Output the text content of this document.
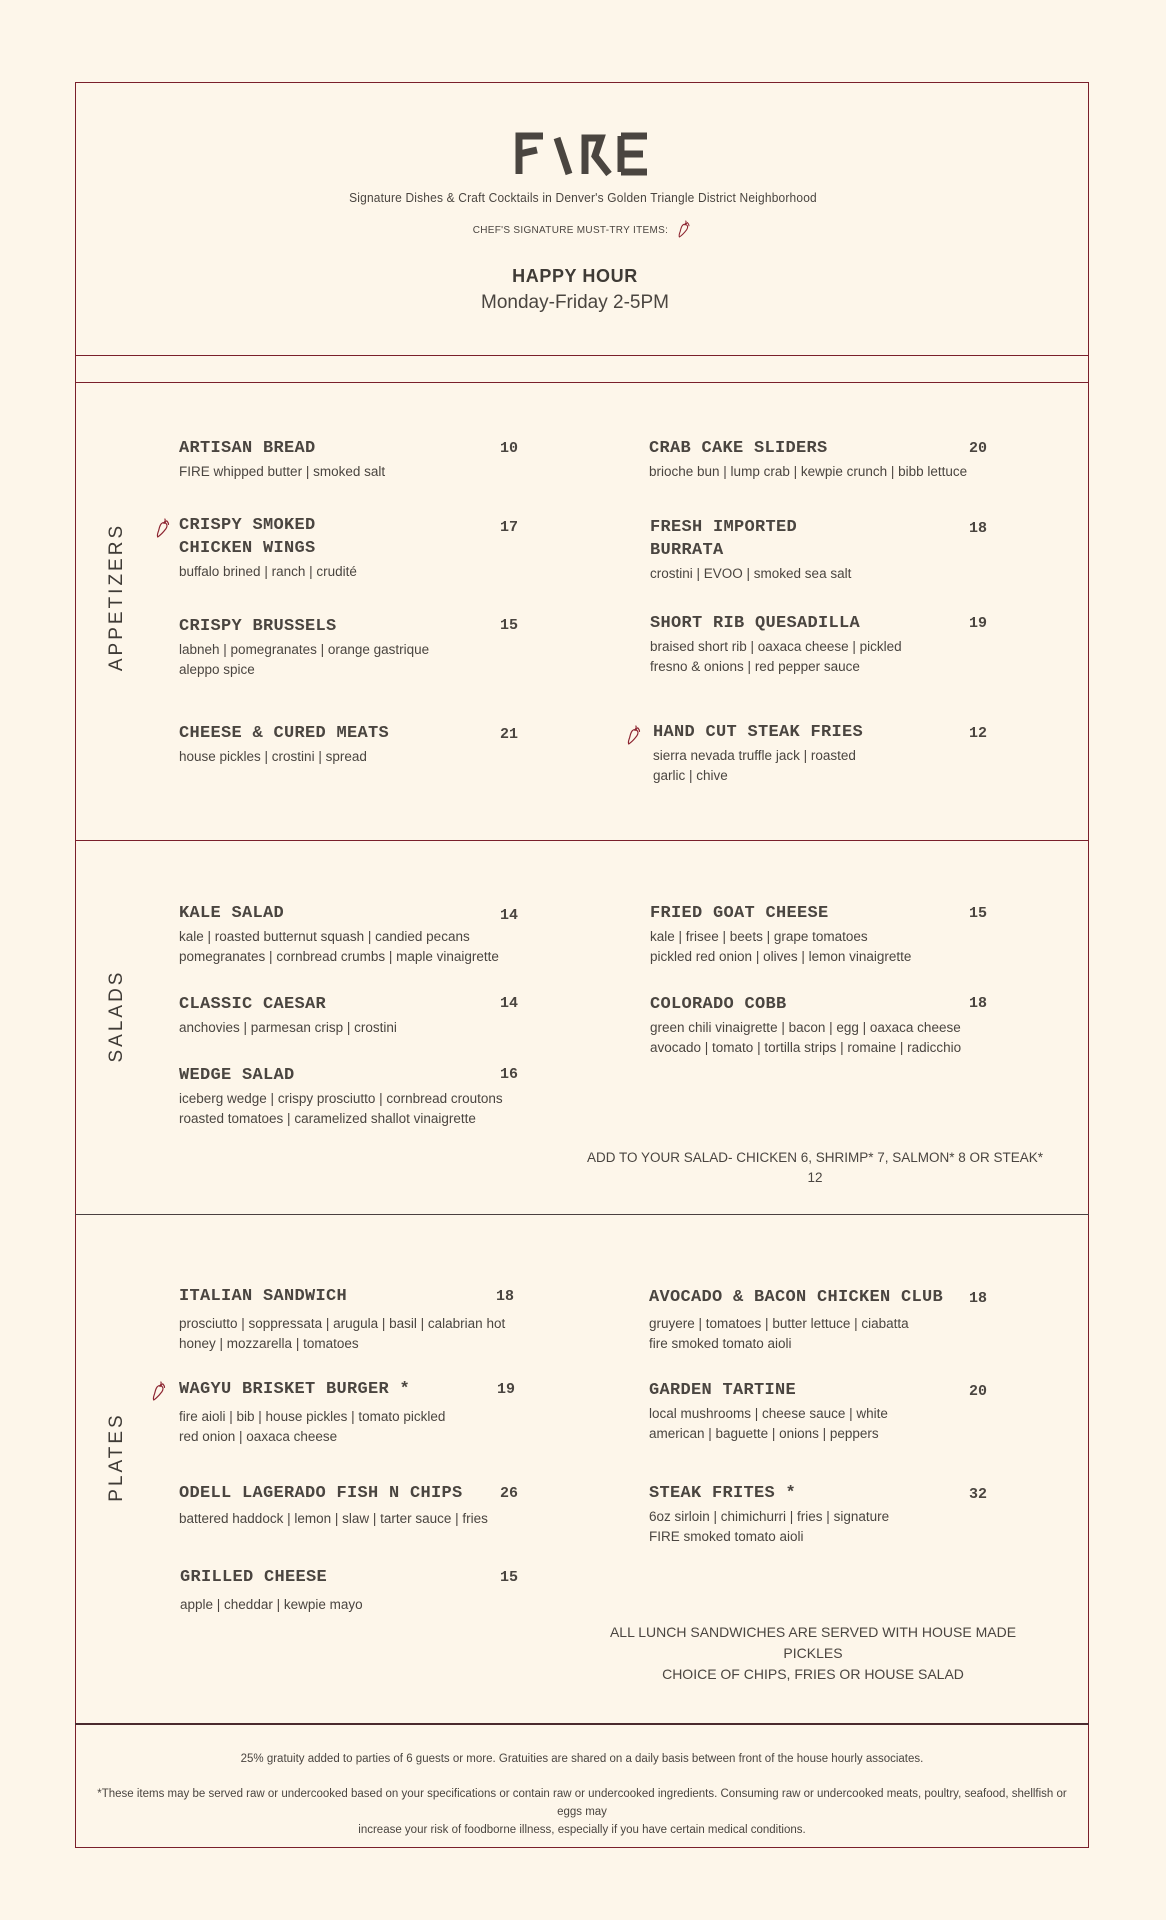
Signature Dishes & Craft Cocktails in Denver's Golden Triangle District Neighborhood
CHEF'S SIGNATURE MUST-TRY ITEMS:
HAPPY HOUR
Monday-Friday 2-5PM
APPETIZERS
ARTISAN BREAD
FIRE whipped butter | smoked salt
10
CRISPY SMOKED
CHICKEN WINGS
buffalo brined | ranch | crudité
17
CRISPY BRUSSELS
labneh | pomegranates | orange gastrique
aleppo spice
15
CHEESE & CURED MEATS
house pickles | crostini | spread
21
CRAB CAKE SLIDERS
brioche bun | lump crab | kewpie crunch | bibb lettuce
20
FRESH IMPORTED
BURRATA
crostini | EVOO | smoked sea salt
18
SHORT RIB QUESADILLA
braised short rib | oaxaca cheese | pickled
fresno & onions | red pepper sauce
19
HAND CUT STEAK FRIES
sierra nevada truffle jack | roasted
garlic | chive
12
SALADS
KALE SALAD
kale | roasted butternut squash | candied pecans
pomegranates | cornbread crumbs | maple vinaigrette
14
CLASSIC CAESAR
anchovies | parmesan crisp | crostini
14
WEDGE SALAD
iceberg wedge | crispy prosciutto | cornbread croutons
roasted tomatoes | caramelized shallot vinaigrette
16
FRIED GOAT CHEESE
kale | frisee | beets | grape tomatoes
pickled red onion | olives | lemon vinaigrette
15
COLORADO COBB
green chili vinaigrette | bacon | egg | oaxaca cheese
avocado | tomato | tortilla strips | romaine | radicchio
18
ADD TO YOUR SALAD- CHICKEN 6, SHRIMP* 7, SALMON* 8 OR STEAK* 12
PLATES
ITALIAN SANDWICH
prosciutto | soppressata | arugula | basil | calabrian hot
honey | mozzarella | tomatoes
18
WAGYU BRISKET BURGER *
fire aioli | bib | house pickles | tomato pickled
red onion | oaxaca cheese
19
ODELL LAGERADO FISH N CHIPS
battered haddock | lemon | slaw | tarter sauce | fries
26
GRILLED CHEESE
apple | cheddar | kewpie mayo
15
AVOCADO & BACON CHICKEN CLUB
gruyere | tomatoes | butter lettuce | ciabatta
fire smoked tomato aioli
18
GARDEN TARTINE
local mushrooms | cheese sauce | white
american | baguette | onions | peppers
20
STEAK FRITES *
6oz sirloin | chimichurri | fries | signature
FIRE smoked tomato aioli
32
ALL LUNCH SANDWICHES ARE SERVED WITH HOUSE MADE PICKLES
CHOICE OF CHIPS, FRIES OR HOUSE SALAD
25% gratuity added to parties of 6 guests or more. Gratuities are shared on a daily basis between front of the house hourly associates.
*These items may be served raw or undercooked based on your specifications or contain raw or undercooked ingredients. Consuming raw or undercooked meats, poultry, seafood, shellfish or eggs may
increase your risk of foodborne illness, especially if you have certain medical conditions.
